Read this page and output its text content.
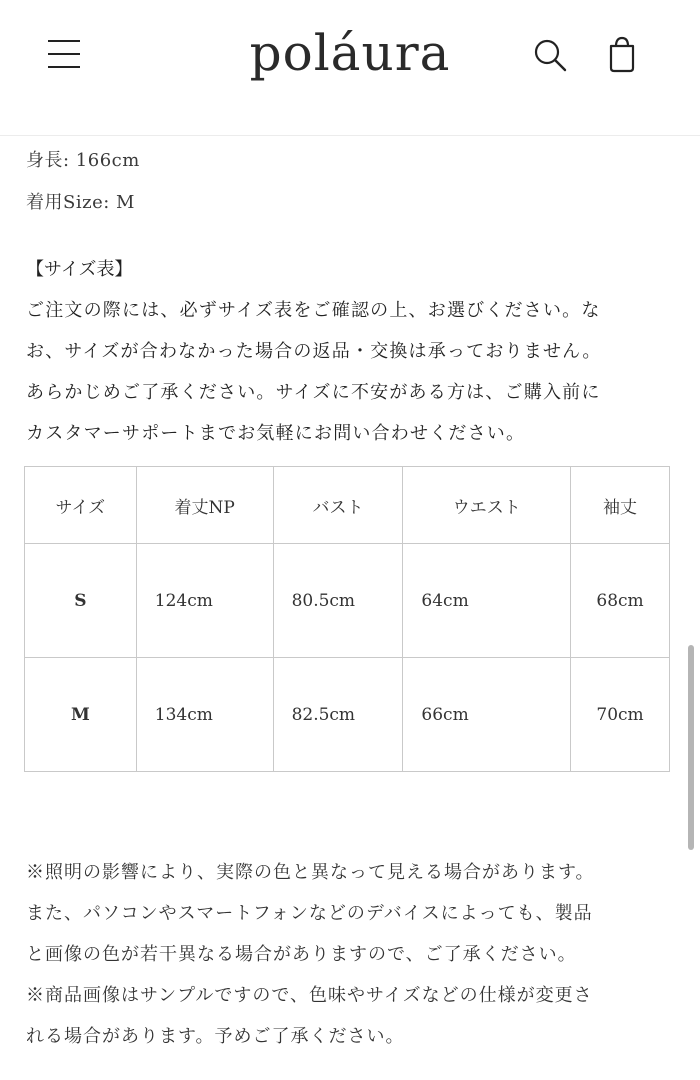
poláura
身長: 166cm
着用Size: M
【サイズ表】
ご注文の際には、必ずサイズ表をご確認の上、お選びください。な
お、サイズが合わなかった場合の返品・交換は承っておりません。
あらかじめご了承ください。サイズに不安がある方は、ご購入前に
カスタマーサポートまでお気軽にお問い合わせください。
サイズ	着丈NP	バスト	ウエスト	袖丈
S	124cm	80.5cm	64cm	68cm
M	134cm	82.5cm	66cm	70cm
※照明の影響により、実際の色と異なって見える場合があります。
また、パソコンやスマートフォンなどのデバイスによっても、製品
と画像の色が若干異なる場合がありますので、ご了承ください。
※商品画像はサンプルですので、色味やサイズなどの仕様が変更さ
れる場合があります。予めご了承ください。
